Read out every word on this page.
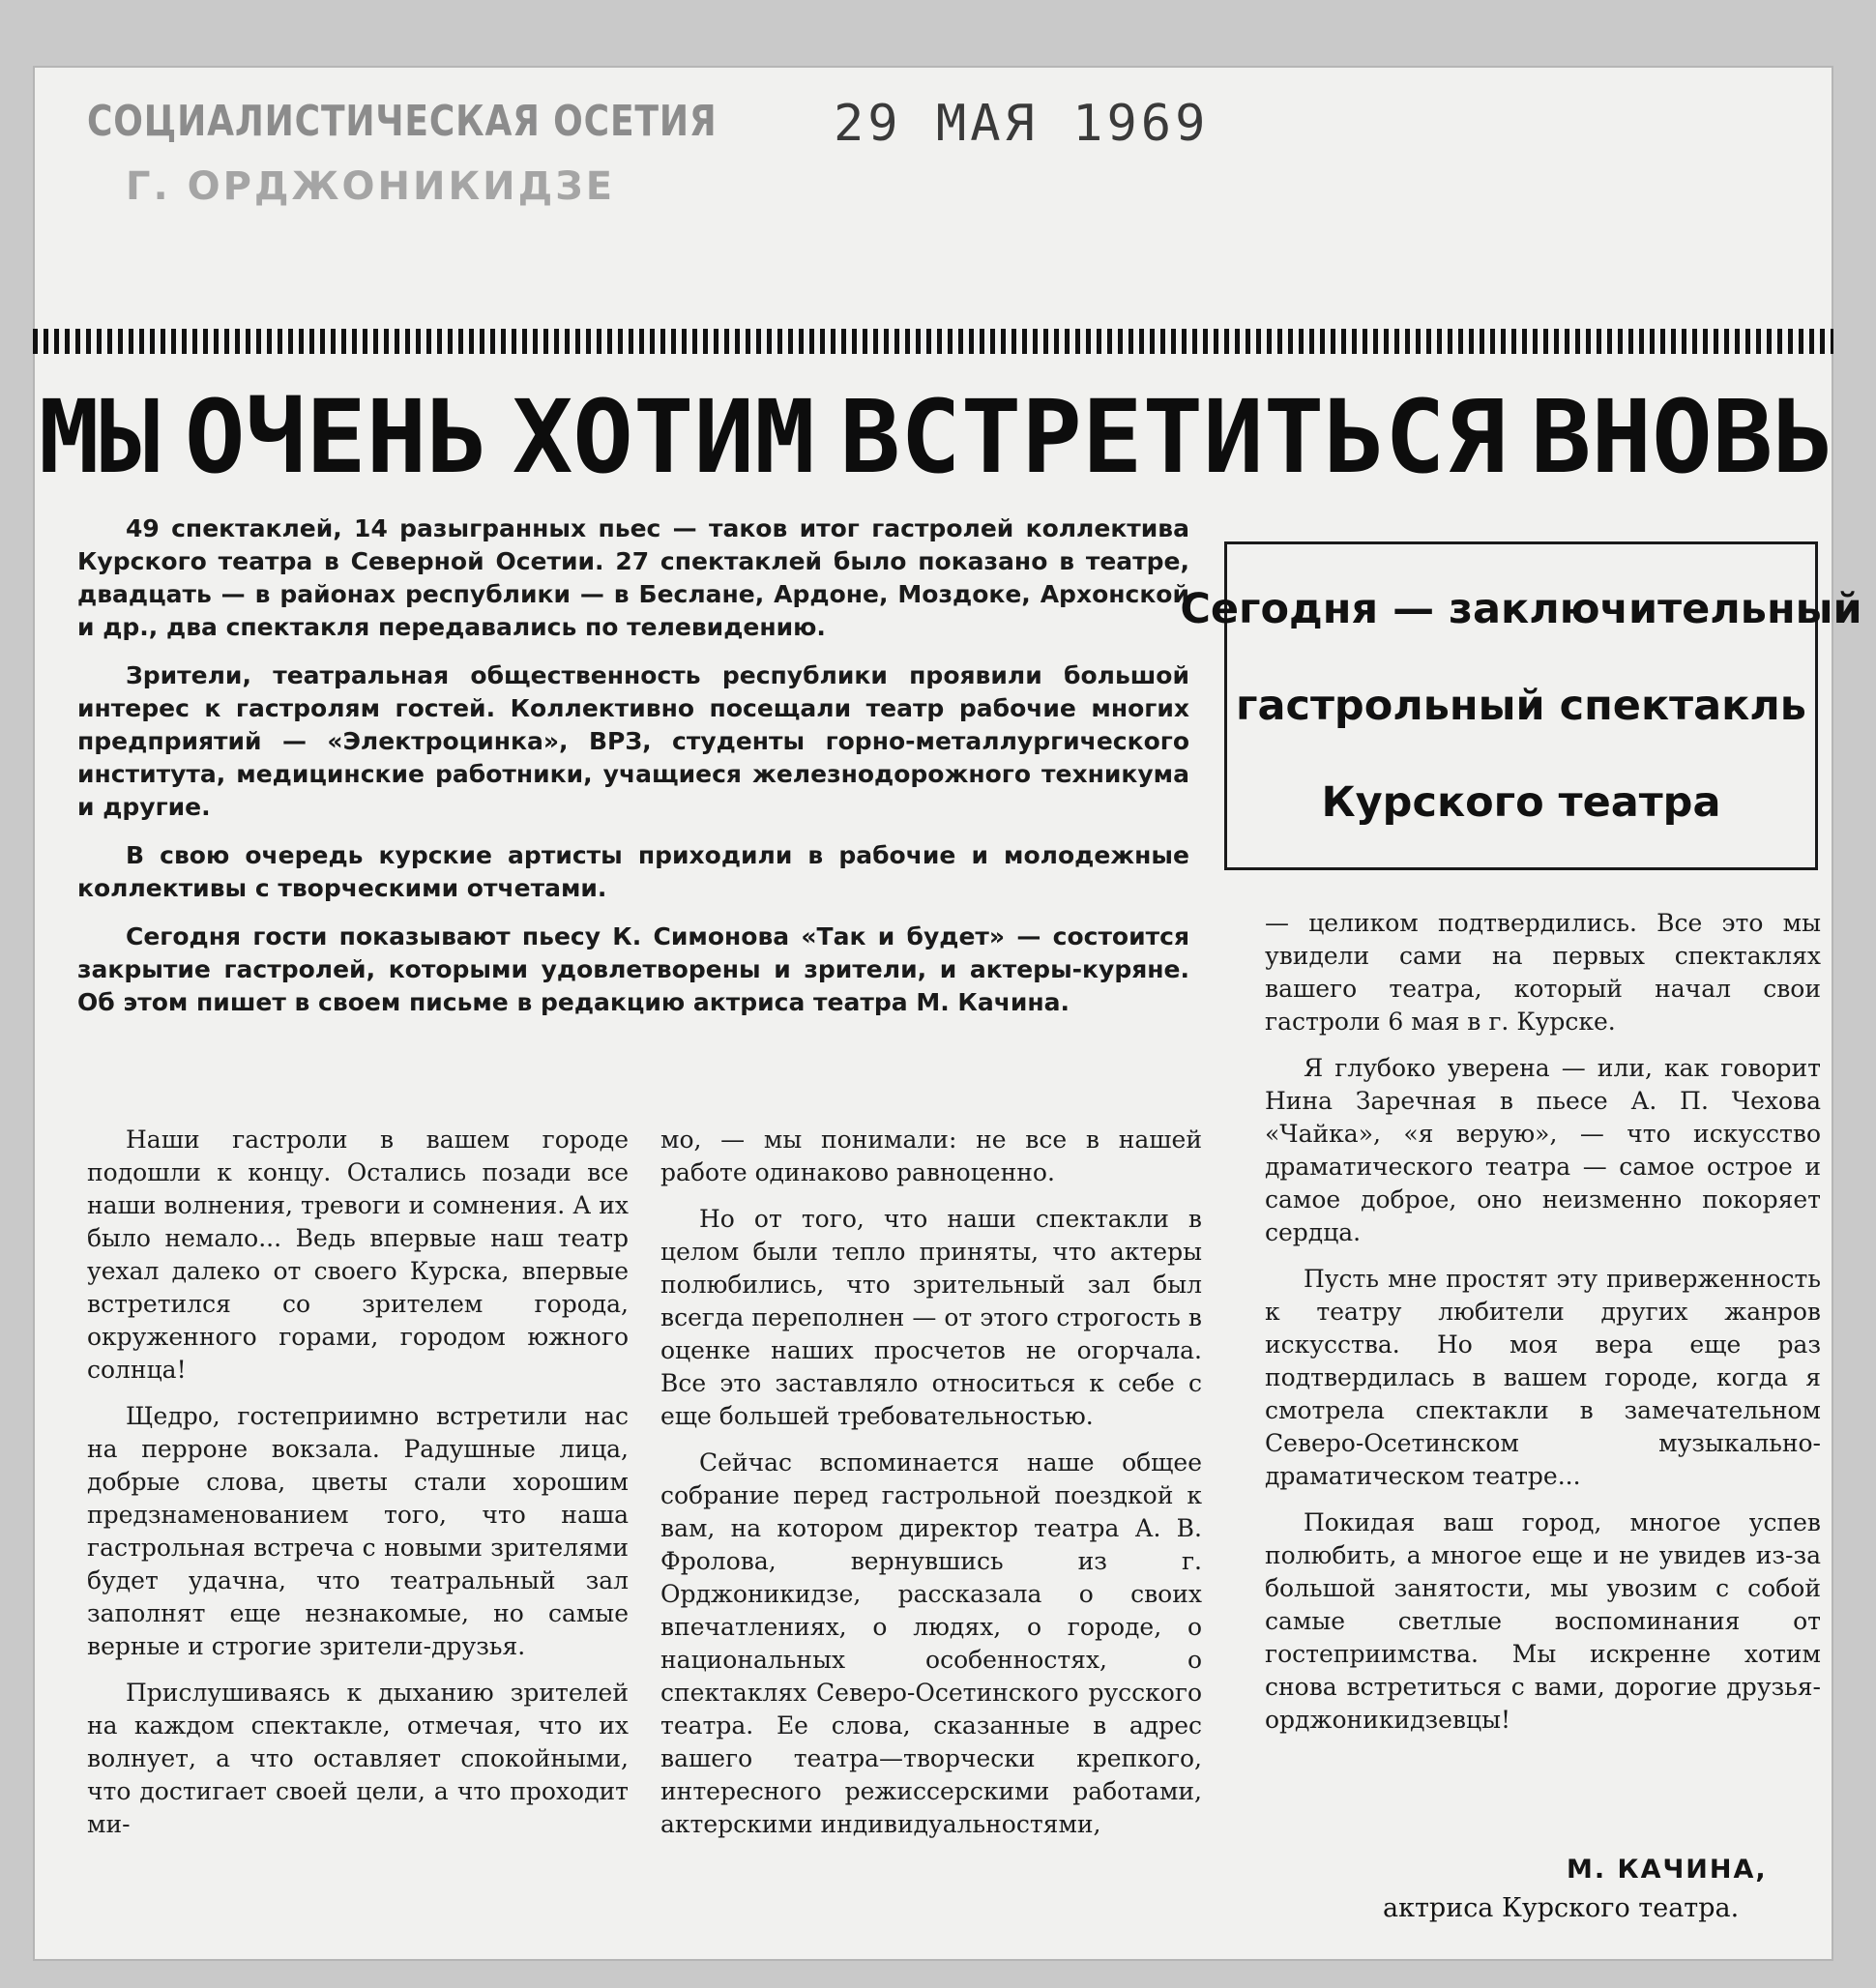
СОЦИАЛИСТИЧЕСКАЯ ОСЕТИЯ
Г. ОРДЖОНИКИДЗЕ
29 МАЯ 1969
МЫ ОЧЕНЬ ХОТИМ ВСТРЕТИТЬСЯ ВНОВЬ

49 спектаклей, 14 разыгранных пьес — таков итог гастролей коллектива Курского театра в Северной Осетии. 27 спектаклей было показано в театре, двадцать — в районах республики — в Беслане, Ардоне, Моздоке, Архонской и др., два спектакля передавались по телевидению.

Зрители, театральная общественность республики проявили большой интерес к гастролям гостей. Коллективно посещали театр рабочие многих предприятий — «Электроцинка», ВРЗ, студенты горно-металлургического института, медицинские работники, учащиеся железнодорожного техникума и другие.

В свою очередь курские артисты приходили в рабочие и молодежные коллективы с творческими отчетами.

Сегодня гости показывают пьесу К. Симонова «Так и будет» — состоится закрытие гастролей, которыми удовлетворены и зрители, и актеры-куряне. Об этом пишет в своем письме в редакцию актриса театра М. Качина.

Сегодня — заключительный
гастрольный спектакль
Курского театра

Наши гастроли в вашем городе подошли к концу. Остались позади все наши волнения, тревоги и сомнения. А их было немало... Ведь впервые наш театр уехал далеко от своего Курска, впервые встретился со зрителем города, окруженного горами, городом южного солнца!

Щедро, гостеприимно встретили нас на перроне вокзала. Радушные лица, добрые слова, цветы стали хорошим предзнаменованием того, что наша гастрольная встреча с новыми зрителями будет удачна, что театральный зал заполнят еще незнакомые, но самые верные и строгие зрители-друзья.

Прислушиваясь к дыханию зрителей на каждом спектакле, отмечая, что их волнует, а что оставляет спокойными, что достигает своей цели, а что проходит ми-

мо, — мы понимали: не все в нашей работе одинаково равноценно.

Но от того, что наши спектакли в целом были тепло приняты, что актеры полюбились, что зрительный зал был всегда переполнен — от этого строгость в оценке наших просчетов не огорчала. Все это заставляло относиться к себе с еще большей требовательностью.

Сейчас вспоминается наше общее собрание перед гастрольной поездкой к вам, на котором директор театра А. В. Фролова, вернувшись из г. Орджоникидзе, рассказала о своих впечатлениях, о людях, о городе, о национальных особенностях, о спектаклях Северо-Осетинского русского театра. Ее слова, сказанные в адрес вашего театра—творчески крепкого, интересного режиссерскими работами, актерскими индивидуальностями,

— целиком подтвердились. Все это мы увидели сами на первых спектаклях вашего театра, который начал свои гастроли 6 мая в г. Курске.

Я глубоко уверена — или, как говорит Нина Заречная в пьесе А. П. Чехова «Чайка», «я верую», — что искусство драматического театра — самое острое и самое доброе, оно неизменно покоряет сердца.

Пусть мне простят эту приверженность к театру любители других жанров искусства. Но моя вера еще раз подтвердилась в вашем городе, когда я смотрела спектакли в замечательном Северо-Осетинском музыкально-драматическом театре...

Покидая ваш город, многое успев полюбить, а многое еще и не увидев из-за большой занятости, мы увозим с собой самые светлые воспоминания от гостеприимства. Мы искренне хотим снова встретиться с вами, дорогие друзья-орджоникидзевцы!

М. КАЧИНА,
актриса Курского театра.
